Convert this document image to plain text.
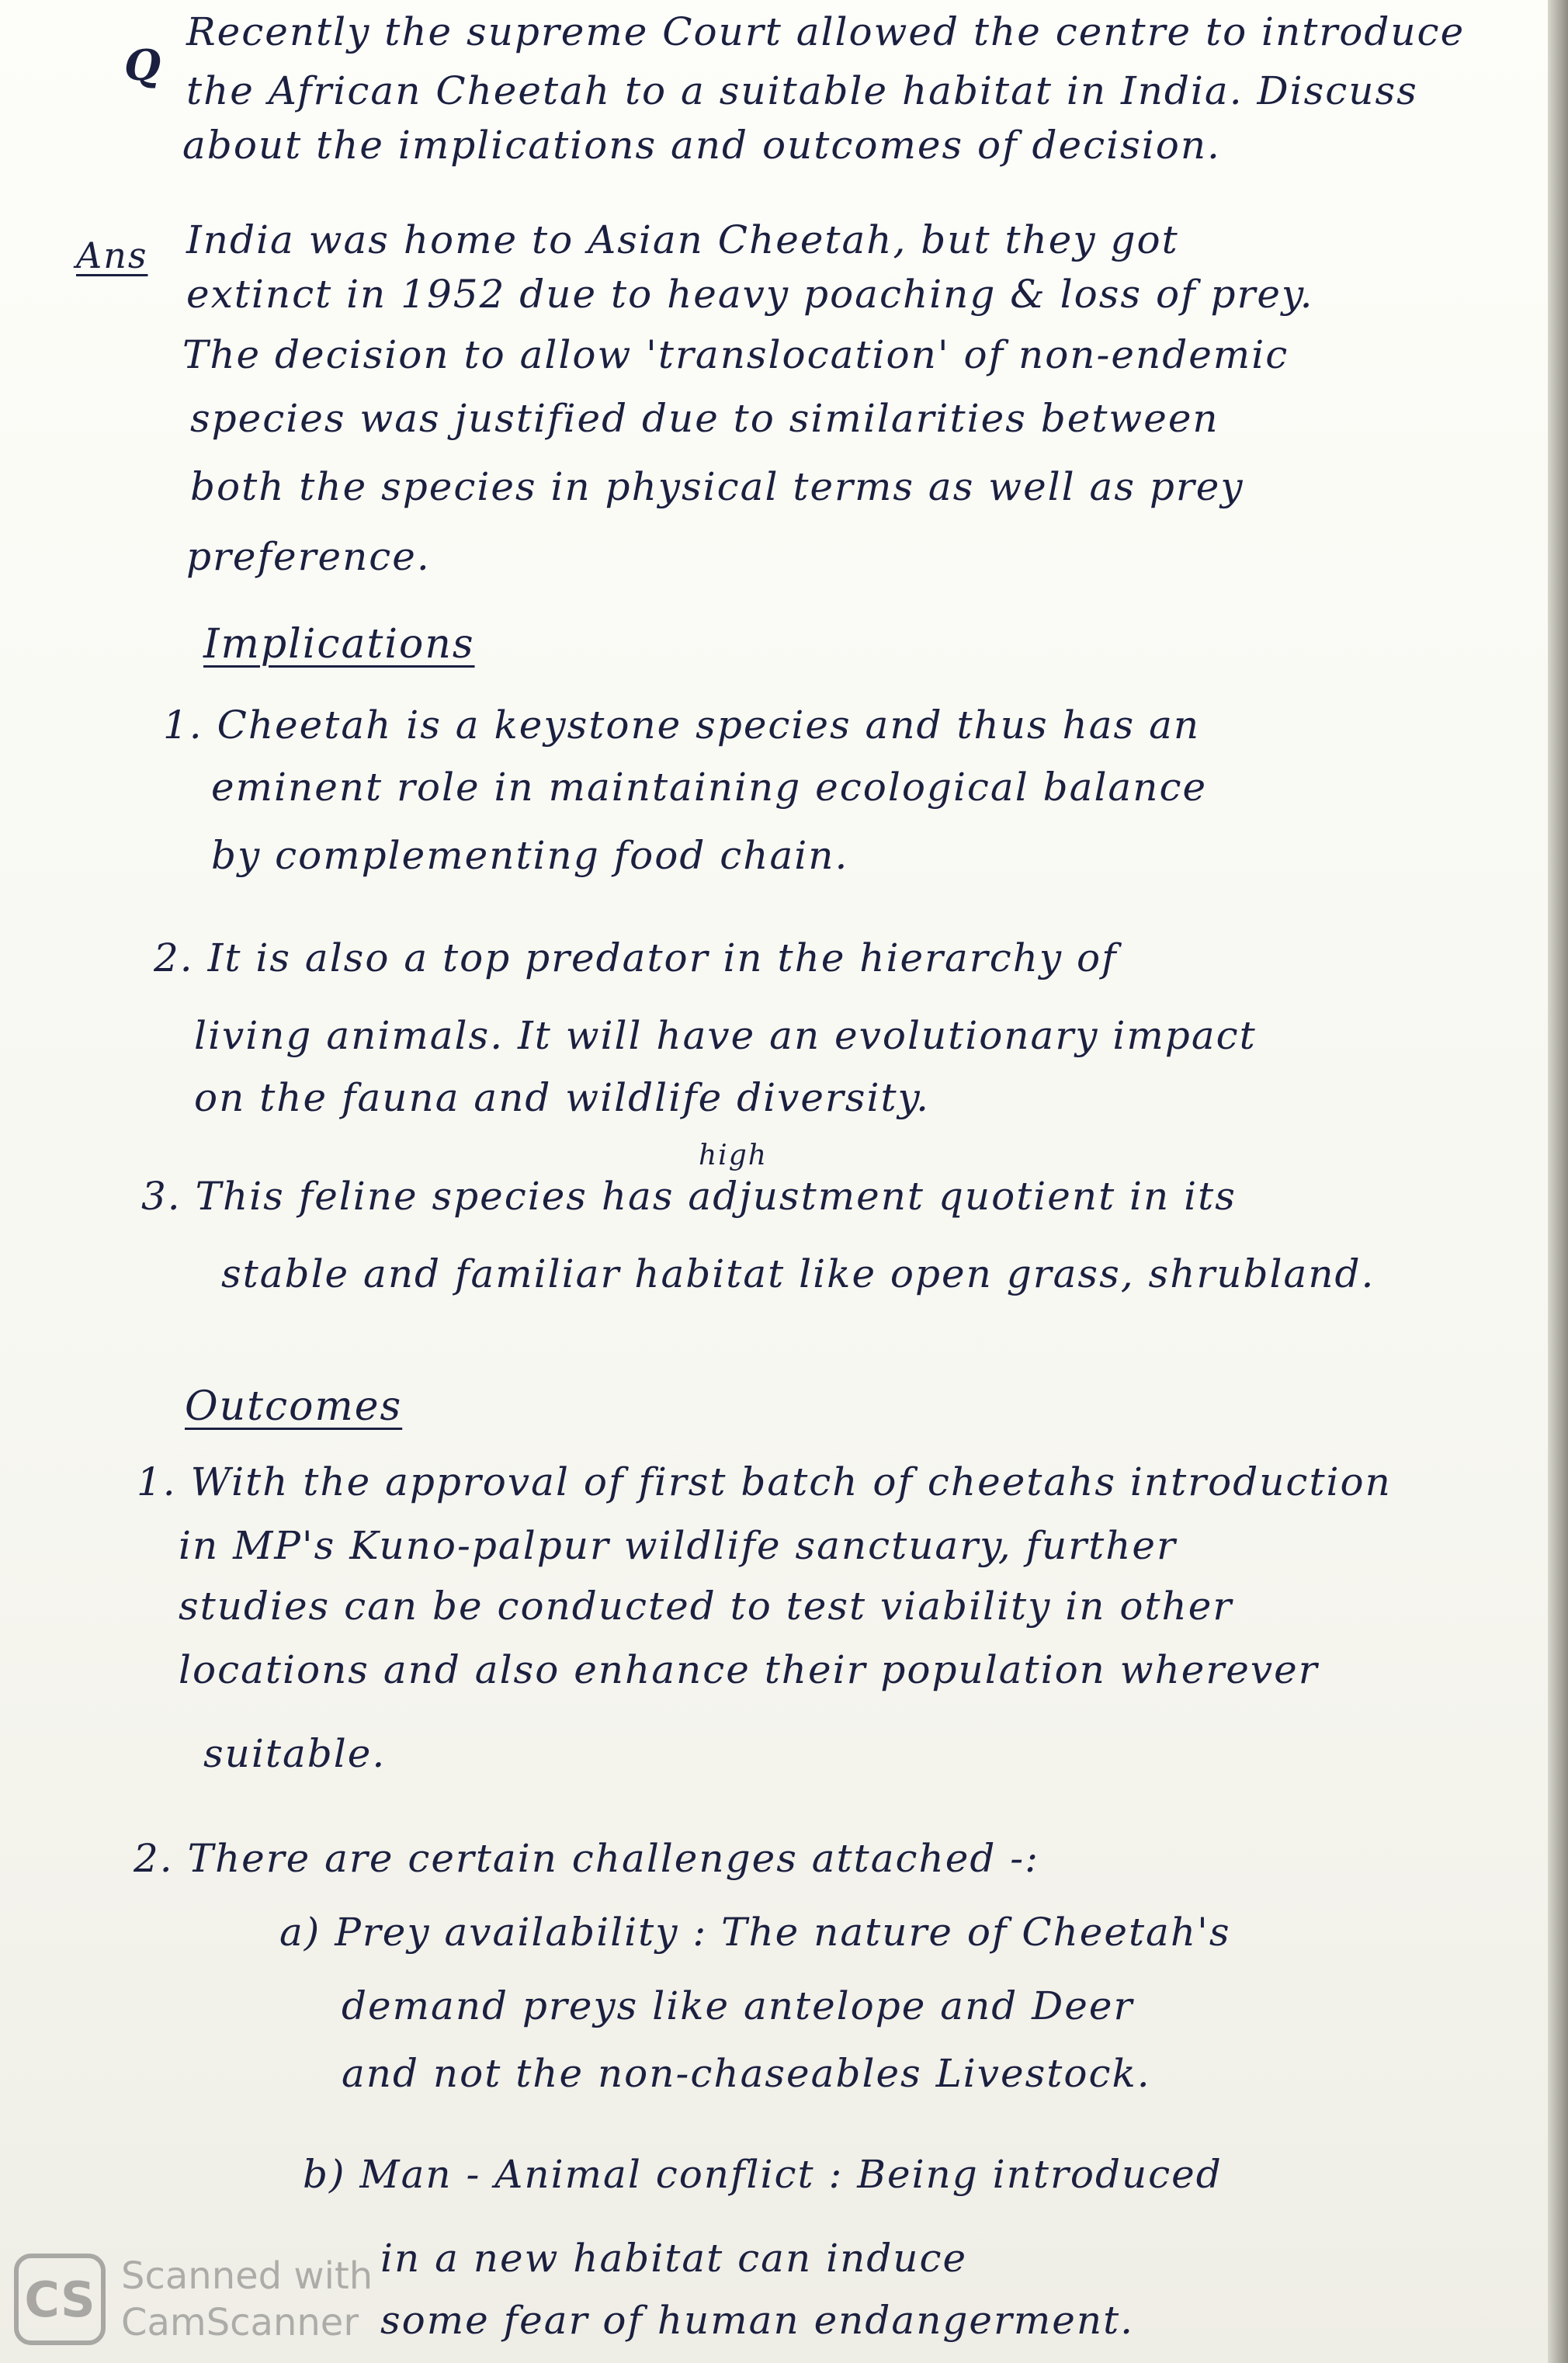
Q
Recently the supreme Court allowed the centre to introduce
the African Cheetah to a suitable habitat in India. Discuss
about the implications and outcomes of decision.
Ans India was home to Asian Cheetah, but they got
extinct in 1952 due to heavy poaching & loss of prey.
The decision to allow 'translocation' of non-endemic
species was justified due to similarities between
both the species in physical terms as well as prey
preference.
Implications
1. Cheetah is a keystone species and thus has an
eminent role in maintaining ecological balance
by complementing food chain.
2. It is also a top predator in the hierarchy of
living animals. It will have an evolutionary impact
on the fauna and wildlife diversity.
high
3. This feline species has adjustment quotient in its
stable and familiar habitat like open grass, shrubland.
Outcomes
1. With the approval of first batch of cheetahs introduction
in MP's Kuno-palpur wildlife sanctuary, further
studies can be conducted to test viability in other
locations and also enhance their population wherever
suitable.
2. There are certain challenges attached -:
a) Prey availability : The nature of Cheetah's
demand preys like antelope and Deer
and not the non-chaseables Livestock.
b) Man - Animal conflict : Being introduced
in a new habitat can induce
some fear of human endangerment.
CS Scanned with
CamScanner
